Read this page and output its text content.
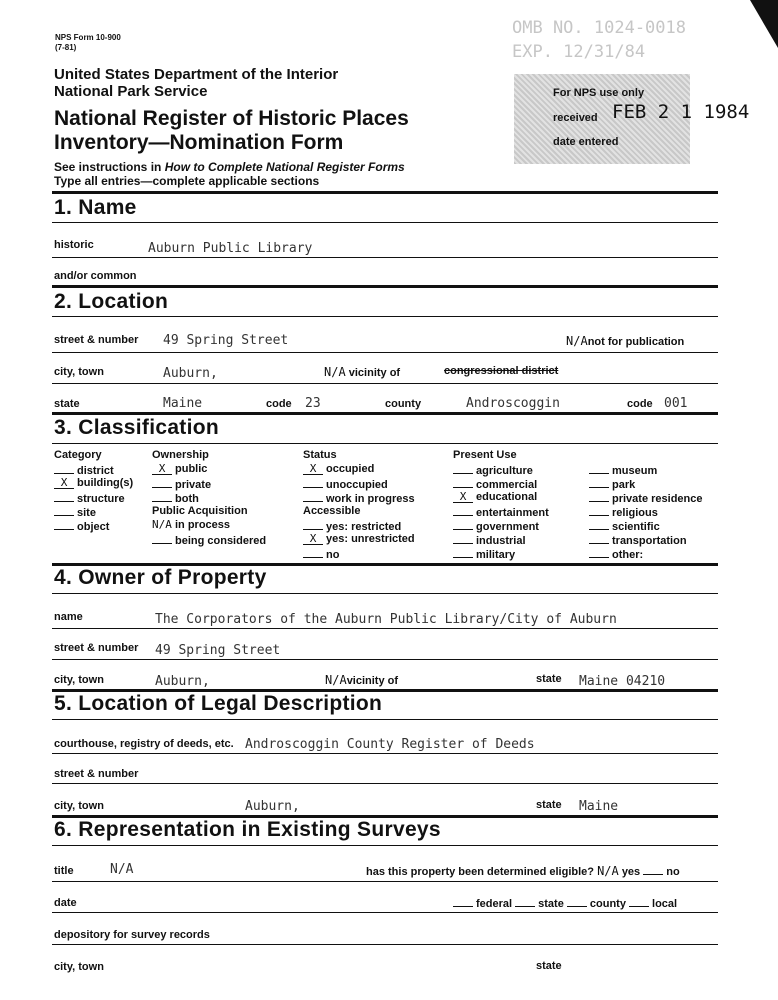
NPS Form 10-900
(7-81)
OMB NO. 1024-0018
EXP. 12/31/84
United States Department of the Interior
National Park Service
National Register of Historic Places
Inventory—Nomination Form
See instructions in How to Complete National Register Forms
Type all entries—complete applicable sections
For NPS use only
received FEB 2 1 1984
date entered
1. Name
historic	Auburn Public Library
and/or common
2. Location
street & number 49 Spring Street	N/Anot for publication
city, town	Auburn,	N/A vicinity of	congressional district
state	Maine	code 23	county	Androscoggin	code 001
3. Classification
Category
district
X building(s)
structure
site
object
Ownership
X public
private
both
Public Acquisition
N/A in process
being considered
Status
X occupied
unoccupied
work in progress
Accessible
yes: restricted
X yes: unrestricted
no
Present Use
agriculture
commercial
X educational
entertainment
government
industrial
military
museum
park
private residence
religious
scientific
transportation
other:
4. Owner of Property
name	The Corporators of the Auburn Public Library/City of Auburn
street & number 49 Spring Street
city, town	Auburn,	N/Avicinity of	state Maine 04210
5. Location of Legal Description
courthouse, registry of deeds, etc. Androscoggin County Register of Deeds
street & number
city, town	Auburn,	state Maine
6. Representation in Existing Surveys
title	N/A	has this property been determined eligible? N/A yes no
date	federal state county local
depository for survey records
city, town	state
